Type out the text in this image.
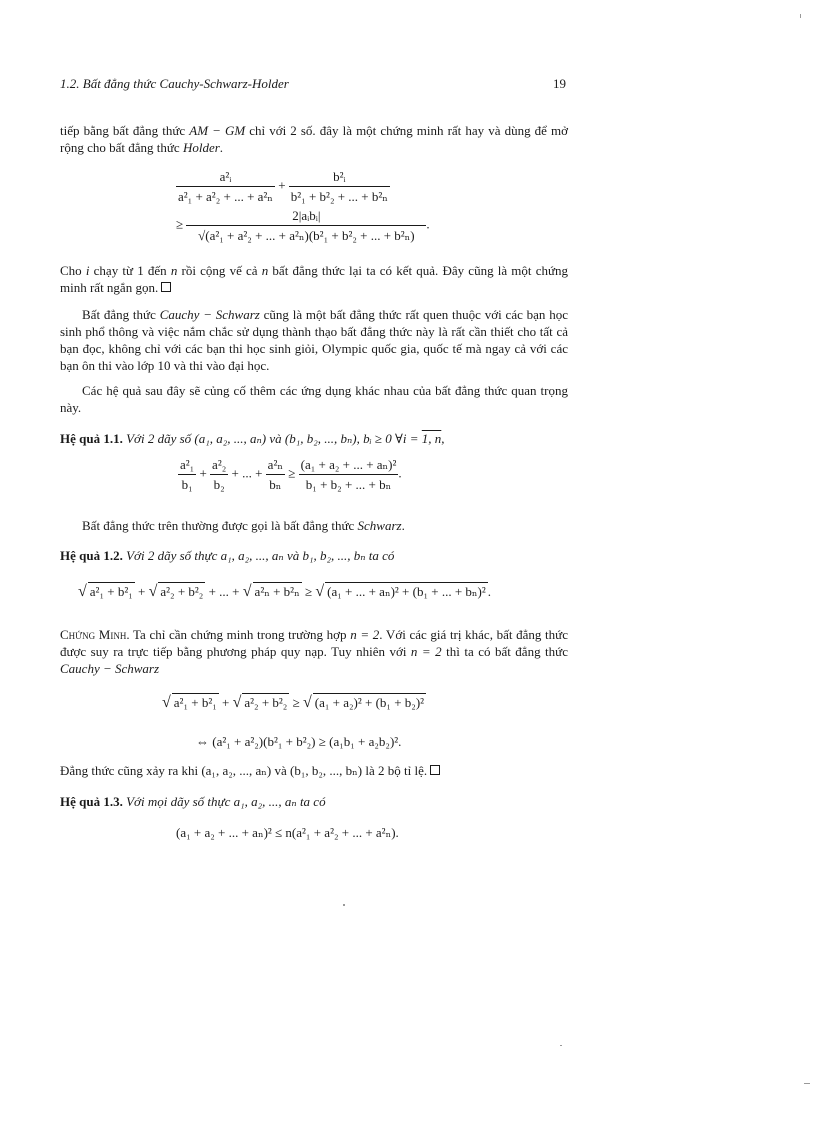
1.2. Bất đẳng thức Cauchy-Schwarz-Holder	19
tiếp bằng bất đẳng thức AM − GM chỉ với 2 số. đây là một chứng minh rất hay và dùng để mở rộng cho bất đẳng thức Holder.
$\frac{\text{a²ᵢ}}{\text{a²₁ + a²₂ + ... + a²ₙ}} + \frac{\text{b²ᵢ}}{\text{b²₁ + b²₂ + ... + b²ₙ}}$
≥ $\frac{\text{2|aᵢbᵢ|}}{\text{√(a²₁ + a²₂ + ... + a²ₙ)(b²₁ + b²₂ + ... + b²ₙ)}}$ .
Cho i chạy từ 1 đến n rồi cộng vế cả n bất đẳng thức lại ta có kết quả. Đây cũng là một chứng minh rất ngắn gọn.
Bất đẳng thức Cauchy − Schwarz cũng là một bất đẳng thức rất quen thuộc với các bạn học sinh phổ thông và việc nắm chắc sử dụng thành thạo bất đẳng thức này là rất cần thiết cho tất cả bạn đọc, không chỉ với các bạn thi học sinh giỏi, Olympic quốc gia, quốc tế mà ngay cả với các bạn ôn thi vào lớp 10 và thi vào đại học.
Các hệ quả sau đây sẽ củng cố thêm các ứng dụng khác nhau của bất đẳng thức quan trọng này.
Hệ quả 1.1. Với 2 dãy số (a₁, a₂, ..., aₙ) và (b₁, b₂, ..., bₙ), bᵢ ≥ 0 ∀i = 1, n,
$\frac{\text{a²₁}}{\text{b₁}} + \frac{\text{a²₂}}{\text{b₂}}$ + ... + $\frac{\text{a²ₙ}}{\text{bₙ}} \ge \frac{\text{(a₁ + a₂ + ... + aₙ)²}}{\text{b₁ + b₂ + ... + bₙ}}$ .
Bất đẳng thức trên thường được gọi là bất đẳng thức Schwarz.
Hệ quả 1.2. Với 2 dãy số thực a₁, a₂, ..., aₙ và b₁, b₂, ..., bₙ ta có
√ a²₁ + b²₁ + √ a²₂ + b²₂ + ... + √ a²ₙ + b²ₙ ≥ √ (a₁ + ... + aₙ)² + (b₁ + ... + bₙ)² .
Chứng Minh. Ta chỉ cần chứng minh trong trường hợp n = 2. Với các giá trị khác, bất đẳng thức được suy ra trực tiếp bằng phương pháp quy nạp. Tuy nhiên với n = 2 thì ta có bất đẳng thức Cauchy − Schwarz
√ a²₁ + b²₁ + √ a²₂ + b²₂ ≥ √ (a₁ + a₂)² + (b₁ + b₂)²
⇔ (a²₁ + a²₂)(b²₁ + b²₂) ≥ (a₁b₁ + a₂b₂)².
Đẳng thức cũng xảy ra khi (a₁, a₂, ..., aₙ) và (b₁, b₂, ..., bₙ) là 2 bộ tỉ lệ.
Hệ quả 1.3. Với mọi dãy số thực a₁, a₂, ..., aₙ ta có
(a₁ + a₂ + ... + aₙ)² ≤ n(a²₁ + a²₂ + ... + a²ₙ).
